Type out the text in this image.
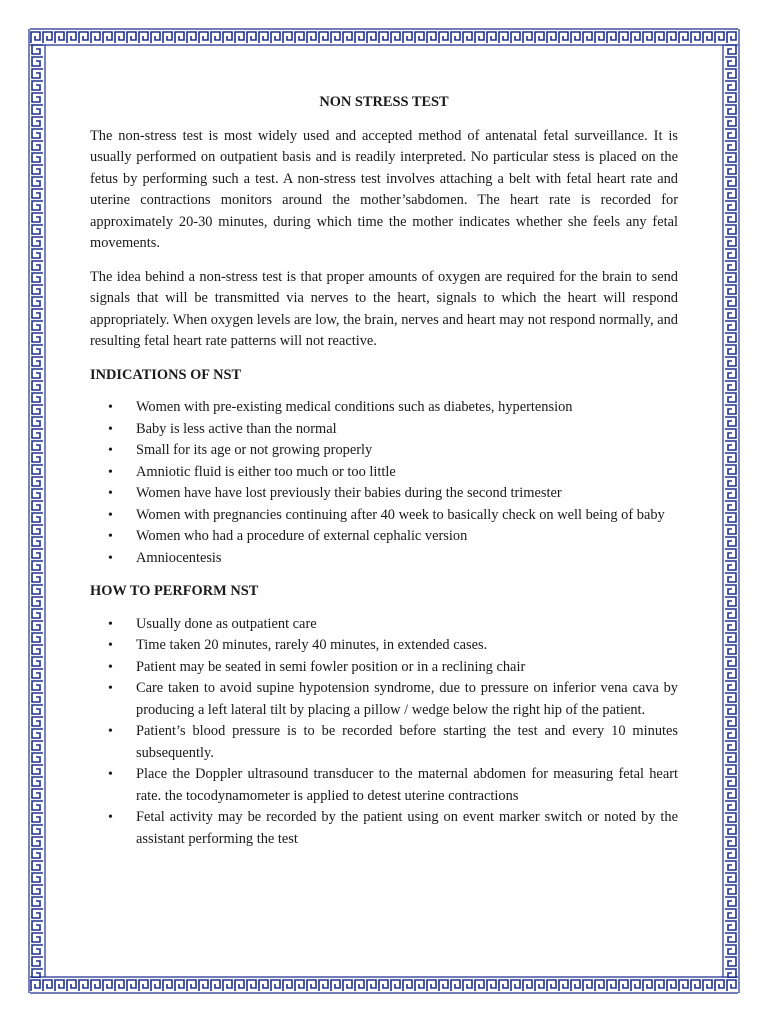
NON STRESS TEST

The non-stress test is most widely used and accepted method of antenatal fetal surveillance. It is usually performed on outpatient basis and is readily interpreted. No particular stess is placed on the fetus by performing such a test. A non-stress test involves attaching a belt with fetal heart rate and uterine contractions monitors around the mother’sabdomen. The heart rate is recorded for approximately 20-30 minutes, during which time the mother indicates whether she feels any fetal movements.

The idea behind a non-stress test is that proper amounts of oxygen are required for the brain to send signals that will be transmitted via nerves to the heart, signals to which the heart will respond appropriately. When oxygen levels are low, the brain, nerves and heart may not respond normally, and resulting fetal heart rate patterns will not reactive.

INDICATIONS OF NST
• Women with pre-existing medical conditions such as diabetes, hypertension
• Baby is less active than the normal
• Small for its age or not growing properly
• Amniotic fluid is either too much or too little
• Women have have lost previously their babies during the second trimester
• Women with pregnancies continuing after 40 week to basically check on well being of baby
• Women who had a procedure of external cephalic version
• Amniocentesis
HOW TO PERFORM NST
• Usually done as outpatient care
• Time taken 20 minutes, rarely 40 minutes, in extended cases.
• Patient may be seated in semi fowler position or in a reclining chair
• Care taken to avoid supine hypotension syndrome, due to pressure on inferior vena cava by producing a left lateral tilt by placing a pillow / wedge below the right hip of the patient.
• Patient’s blood pressure is to be recorded before starting the test and every 10 minutes subsequently.
• Place the Doppler ultrasound transducer to the maternal abdomen for measuring fetal heart rate. the tocodynamometer is applied to detest uterine contractions
• Fetal activity may be recorded by the patient using on event marker switch or noted by the assistant performing the test
